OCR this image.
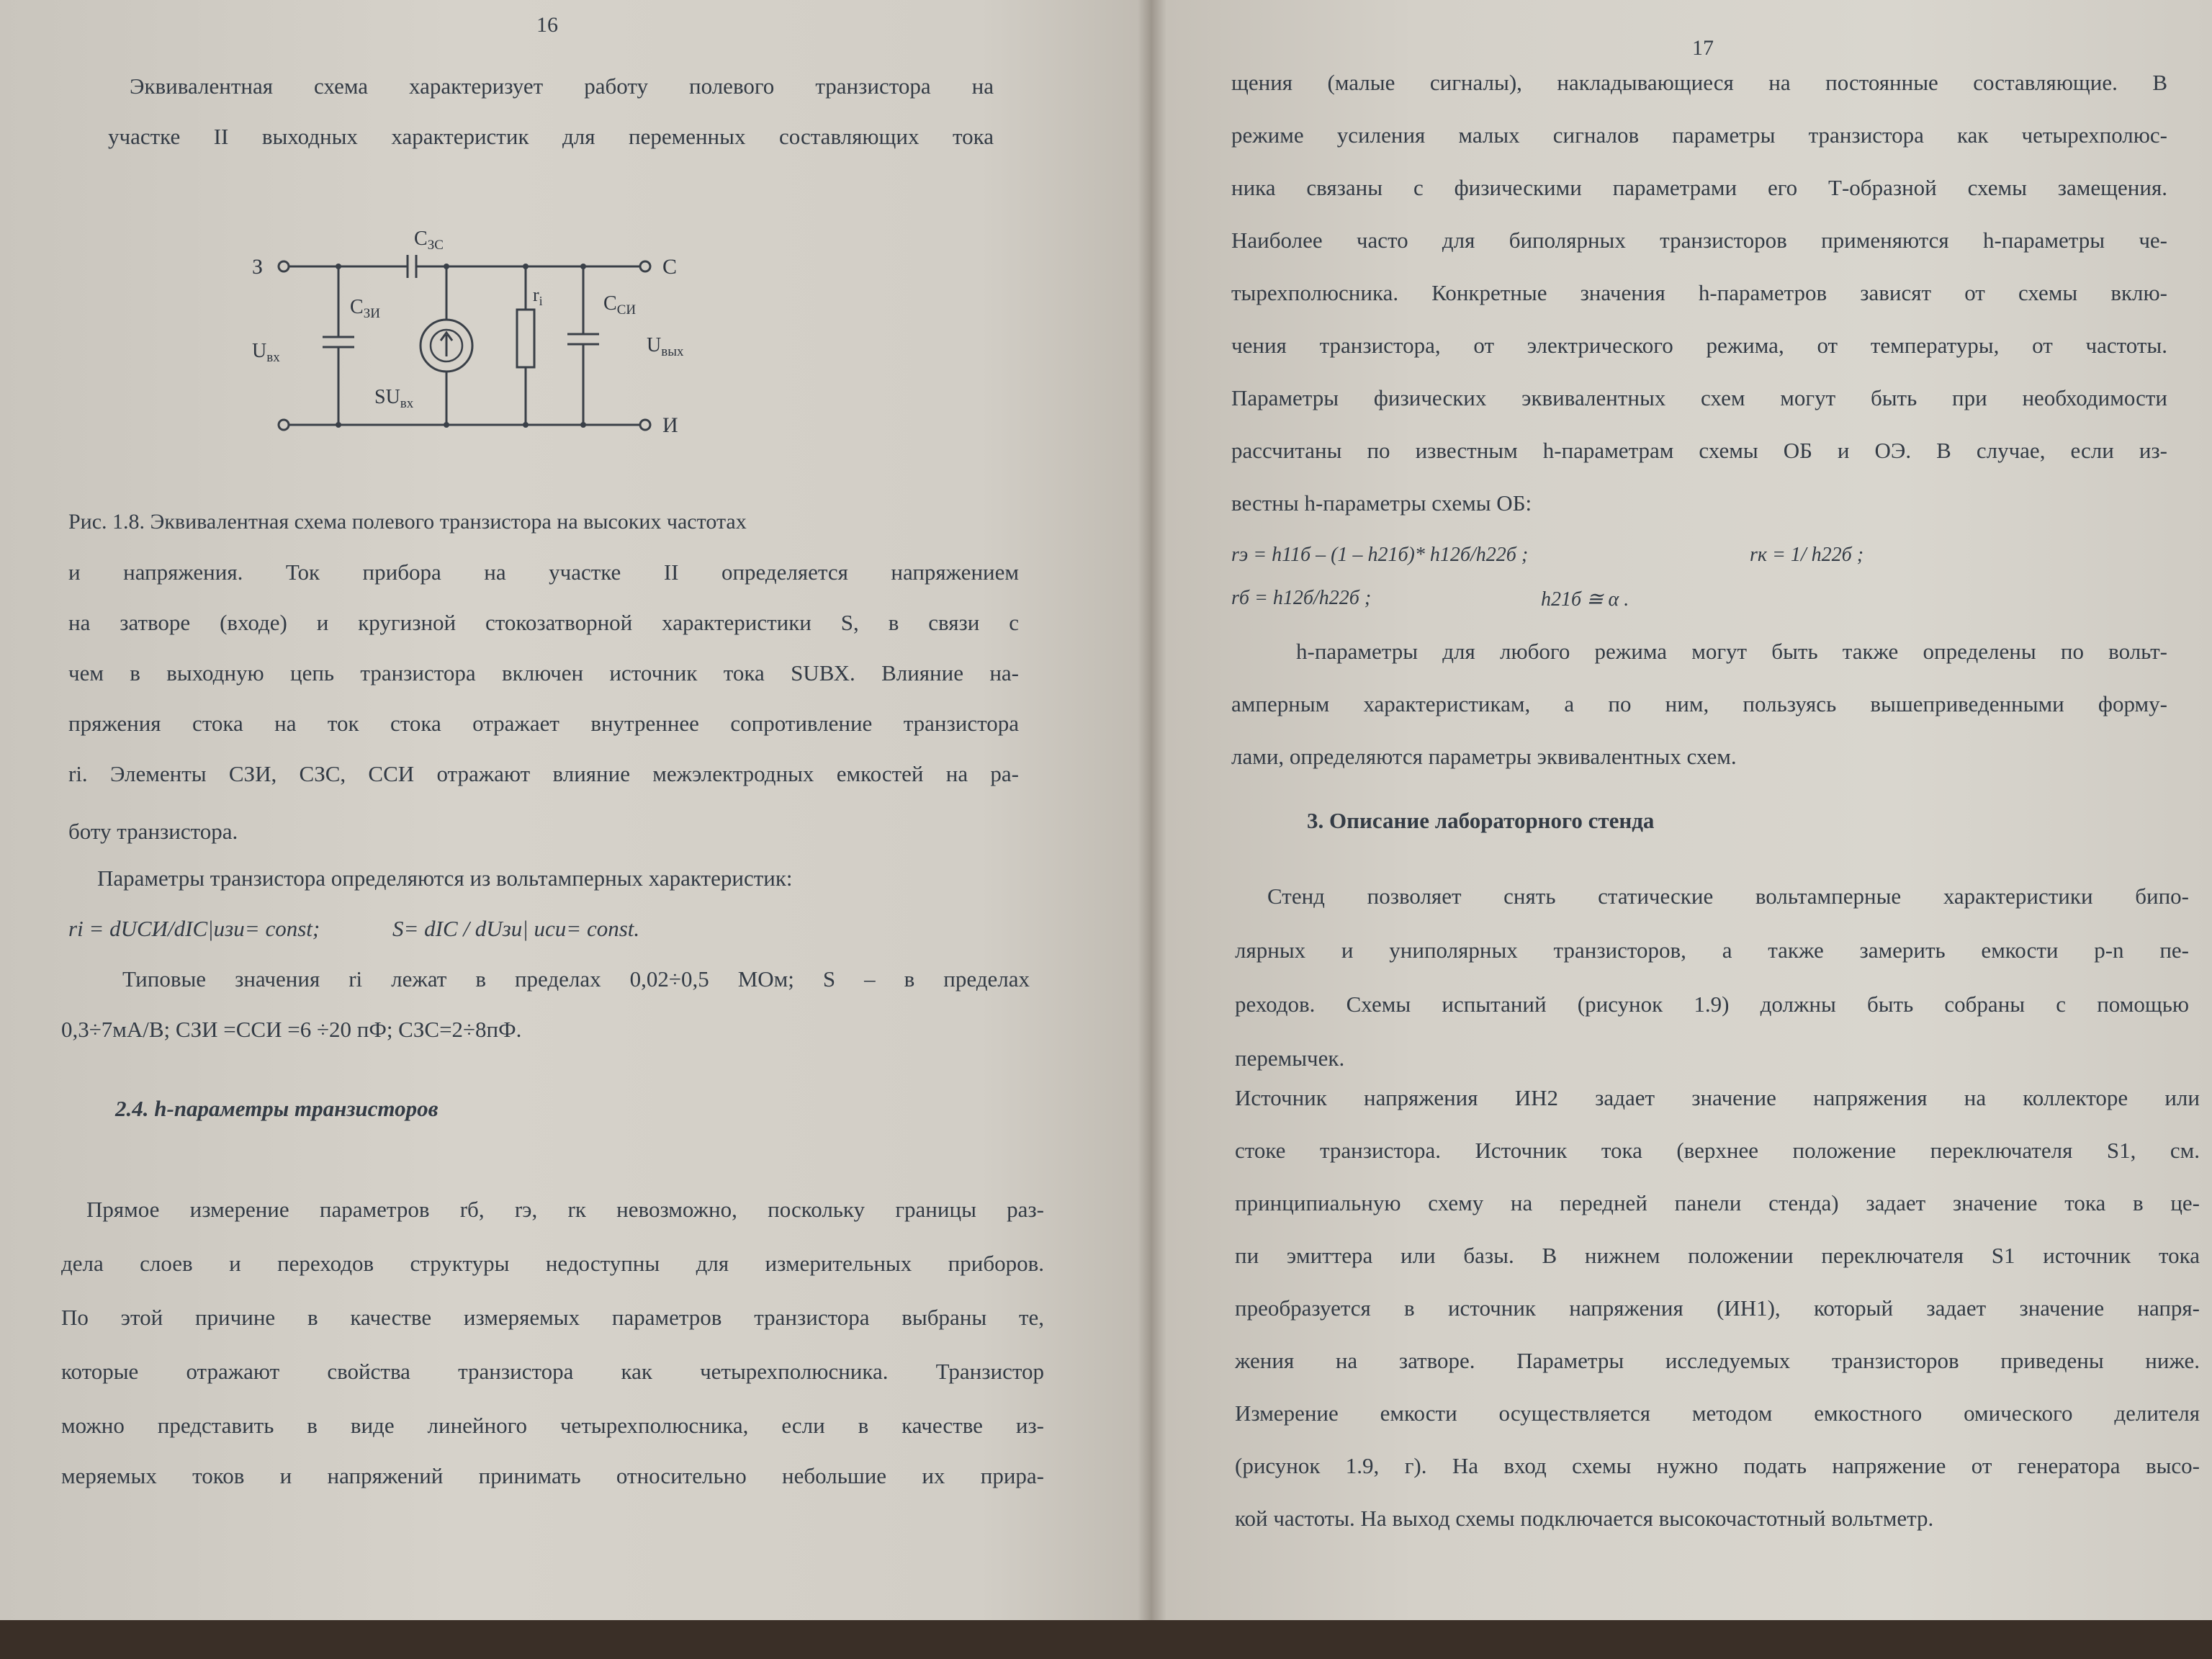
16
Эквивалентная схема характеризует работу полевого транзистора на
участке II выходных характеристик для переменных составляющих тока
З	С
И
$С_{ЗС}$
$С_{ЗИ}$	$С_{СИ}$
$r_i$
$U_{вх}$
$U_{вых}$
$SU_{вх}$
Рис. 1.8. Эквивалентная схема полевого транзистора на высоких частотах
и напряжения. Ток прибора на участке II определяется напряжением
на затворе (входе) и кругизной стокозатворной характеристики S, в связи с
чем в выходную цепь транзистора включен источник тока SUВХ. Влияние на-
пряжения стока на ток стока отражает внутреннее сопротивление транзистора
ri. Элементы CЗИ, CЗС, CСИ отражают влияние межэлектродных емкостей на ра-
боту транзистора.
Параметры транзистора определяются из вольтамперных характеристик:
ri = dUСИ/dIС|uзи= const;	S= dIС / dUзи| uси= const.
Типовые значения ri лежат в пределах 0,02÷0,5 МОм; S – в пределах
0,3÷7мА/В; CЗИ =CСИ =6 ÷20 пФ; CЗС=2÷8пФ.
2.4. h-параметры транзисторов
Прямое измерение параметров rб, rэ, rк невозможно, поскольку границы раз-
дела слоев и переходов структуры недоступны для измерительных приборов.
По этой причине в качестве измеряемых параметров транзистора выбраны те,
которые отражают свойства транзистора как четырехполюсника. Транзистор
можно представить в виде линейного четырехполюсника, если в качестве из-
меряемых токов и напряжений принимать относительно небольшие их прира-
17
щения (малые сигналы), накладывающиеся на постоянные составляющие. В
режиме усиления малых сигналов параметры транзистора как четырехполюс-
ника связаны с физическими параметрами его Т-образной схемы замещения.
Наиболее часто для биполярных транзисторов применяются h-параметры че-
тырехполюсника. Конкретные значения h-параметров зависят от схемы вклю-
чения транзистора, от электрического режима, от температуры, от частоты.
Параметры физических эквивалентных схем могут быть при необходимости
рассчитаны по известным h-параметрам схемы ОБ и ОЭ. В случае, если из-
вестны h-параметры схемы ОБ:
rэ = h11б – (1 – h21б)* h12б/h22б ;	rк = 1/ h22б ;
rб = h12б/h22б ;	h21б ≅ α .
h-параметры для любого режима могут быть также определены по вольт-
амперным характеристикам, а по ним, пользуясь вышеприведенными форму-
лами, определяются параметры эквивалентных схем.
3. Описание лабораторного стенда
Стенд позволяет снять статические вольтамперные характеристики бипо-
лярных и униполярных транзисторов, а также замерить емкости p-n пе-
реходов. Схемы испытаний (рисунок 1.9) должны быть собраны с помощью
перемычек.
Источник напряжения ИН2 задает значение напряжения на коллекторе или
стоке транзистора. Источник тока (верхнее положение переключателя S1, см.
принципиальную схему на передней панели стенда) задает значение тока в це-
пи эмиттера или базы. В нижнем положении переключателя S1 источник тока
преобразуется в источник напряжения (ИН1), который задает значение напря-
жения на затворе. Параметры исследуемых транзисторов приведены ниже.
Измерение емкости осуществляется методом емкостного омического делителя
(рисунок 1.9, г). На вход схемы нужно подать напряжение от генератора высо-
кой частоты. На выход схемы подключается высокочастотный вольтметр.
